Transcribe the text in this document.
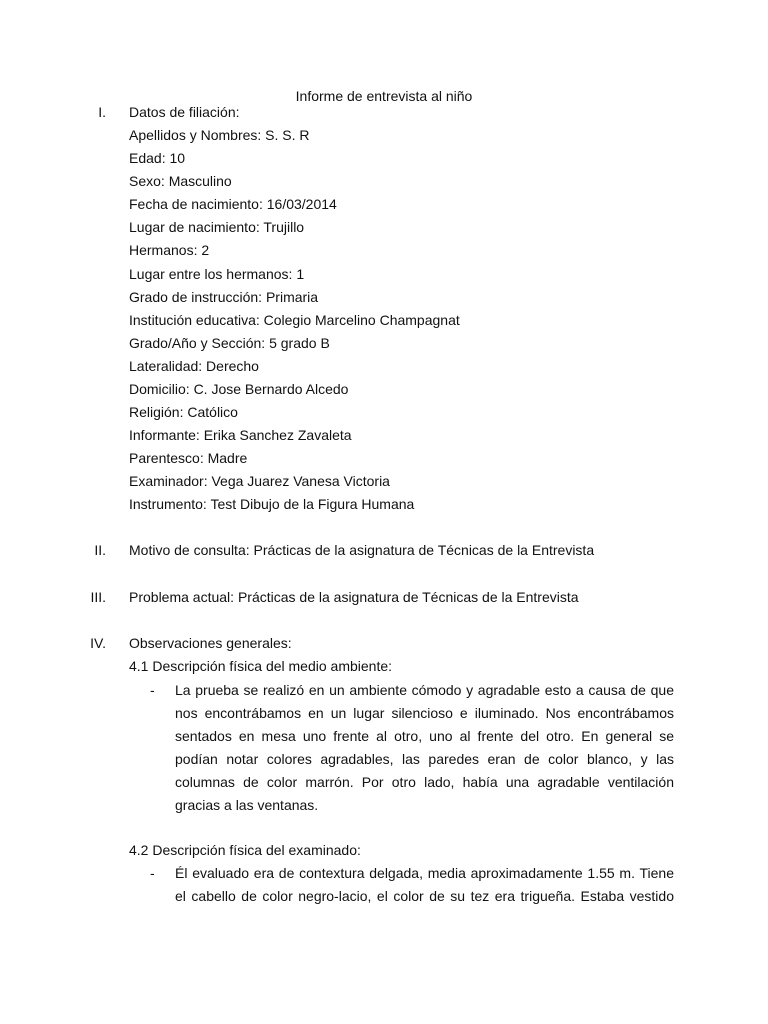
Informe de entrevista al niño
I. Datos de filiación:
Apellidos y Nombres: S. S. R
Edad: 10
Sexo: Masculino
Fecha de nacimiento: 16/03/2014
Lugar de nacimiento: Trujillo
Hermanos: 2
Lugar entre los hermanos: 1
Grado de instrucción: Primaria
Institución educativa: Colegio Marcelino Champagnat
Grado/Año y Sección: 5 grado B
Lateralidad: Derecho
Domicilio: C. Jose Bernardo Alcedo
Religión: Católico
Informante: Erika Sanchez Zavaleta
Parentesco: Madre
Examinador: Vega Juarez Vanesa Victoria
Instrumento: Test Dibujo de la Figura Humana
II. Motivo de consulta: Prácticas de la asignatura de Técnicas de la Entrevista
III. Problema actual: Prácticas de la asignatura de Técnicas de la Entrevista
IV. Observaciones generales:
4.1 Descripción física del medio ambiente:
- La prueba se realizó en un ambiente cómodo y agradable esto a causa de que nos encontrábamos en un lugar silencioso e iluminado. Nos encontrábamos sentados en mesa uno frente al otro, uno al frente del otro. En general se podían notar colores agradables, las paredes eran de color blanco, y las columnas de color marrón. Por otro lado, había una agradable ventilación gracias a las ventanas.
4.2 Descripción física del examinado:
- Él evaluado era de contextura delgada, media aproximadamente 1.55 m. Tiene el cabello de color negro-lacio, el color de su tez era trigueña. Estaba vestido
